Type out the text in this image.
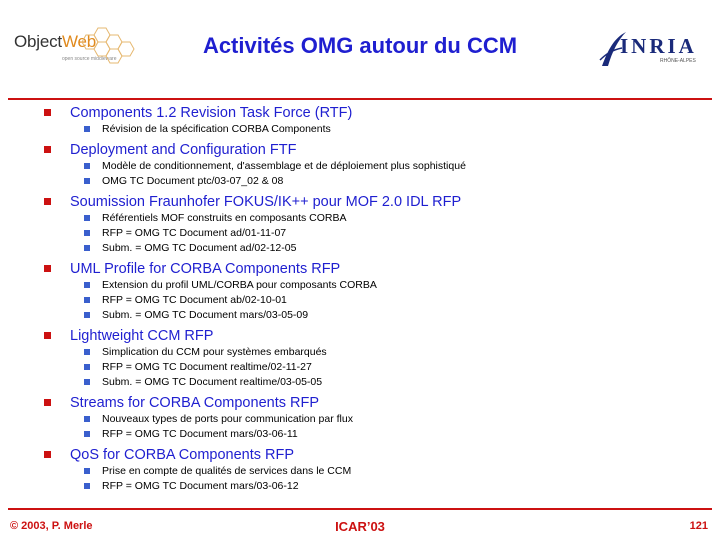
ObjectWeb
open source middleware
Activités OMG autour du CCM	INRIA
RHÔNE-ALPES
Components 1.2 Revision Task Force (RTF)
Révision de la spécification CORBA Components
Deployment and Configuration FTF
Modèle de conditionnement, d'assemblage et de déploiement plus sophistiqué
OMG TC Document ptc/03-07_02 & 08
Soumission Fraunhofer FOKUS/IK++ pour MOF 2.0 IDL RFP
Référentiels MOF construits en composants CORBA
RFP = OMG TC Document ad/01-11-07
Subm. = OMG TC Document ad/02-12-05
UML Profile for CORBA Components RFP
Extension du profil UML/CORBA pour composants CORBA
RFP = OMG TC Document ab/02-10-01
Subm. = OMG TC Document mars/03-05-09
Lightweight CCM RFP
Simplication du CCM pour systèmes embarqués
RFP = OMG TC Document realtime/02-11-27
Subm. = OMG TC Document realtime/03-05-05
Streams for CORBA Components RFP
Nouveaux types de ports pour communication par flux
RFP = OMG TC Document mars/03-06-11
QoS for CORBA Components RFP
Prise en compte de qualités de services dans le CCM
RFP = OMG TC Document mars/03-06-12
© 2003, P. Merle	ICAR’03	121
